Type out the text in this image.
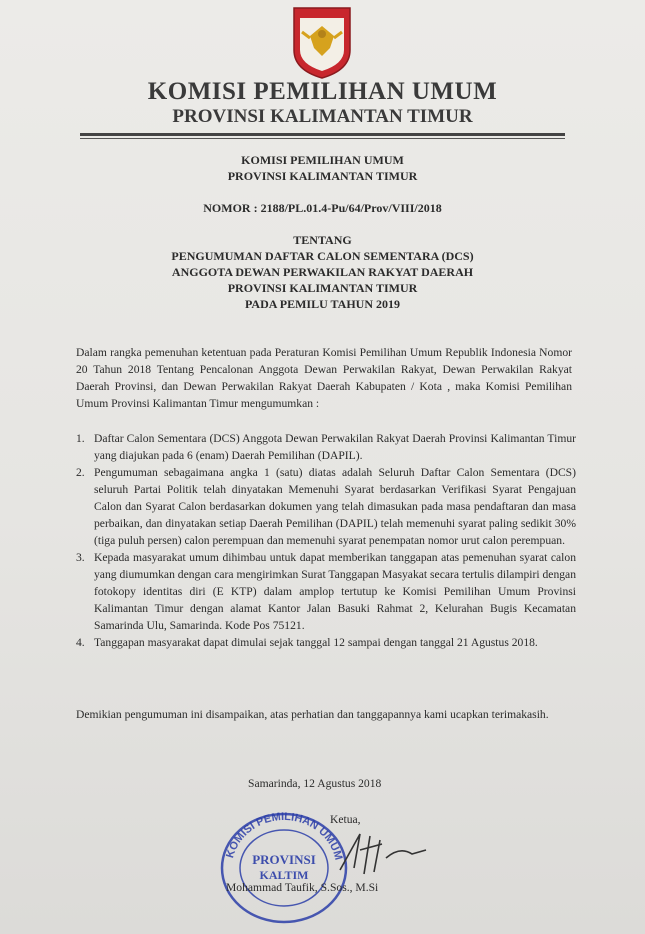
KOMISI PEMILIHAN UMUM
PROVINSI KALIMANTAN TIMUR
KOMISI PEMILIHAN UMUM
PROVINSI KALIMANTAN TIMUR
NOMOR : 2188/PL.01.4-Pu/64/Prov/VIII/2018
TENTANG
PENGUMUMAN DAFTAR CALON SEMENTARA (DCS)
ANGGOTA DEWAN PERWAKILAN RAKYAT DAERAH
PROVINSI KALIMANTAN TIMUR
PADA PEMILU TAHUN 2019
Dalam rangka pemenuhan ketentuan pada Peraturan Komisi Pemilihan Umum Republik Indonesia Nomor 20 Tahun 2018 Tentang Pencalonan Anggota Dewan Perwakilan Rakyat, Dewan Perwakilan Rakyat Daerah Provinsi, dan Dewan Perwakilan Rakyat Daerah Kabupaten / Kota , maka Komisi Pemilihan Umum Provinsi Kalimantan Timur mengumumkan :
1. Daftar Calon Sementara (DCS) Anggota Dewan Perwakilan Rakyat Daerah Provinsi Kalimantan Timur yang diajukan pada 6 (enam) Daerah Pemilihan (DAPIL).
2. Pengumuman sebagaimana angka 1 (satu) diatas adalah Seluruh Daftar Calon Sementara (DCS) seluruh Partai Politik telah dinyatakan Memenuhi Syarat berdasarkan Verifikasi Syarat Pengajuan Calon dan Syarat Calon berdasarkan dokumen yang telah dimasukan pada masa pendaftaran dan masa perbaikan, dan dinyatakan setiap Daerah Pemilihan (DAPIL) telah memenuhi syarat paling sedikit 30% (tiga puluh persen) calon perempuan dan memenuhi syarat penempatan nomor urut calon perempuan.
3. Kepada masyarakat umum dihimbau untuk dapat memberikan tanggapan atas pemenuhan syarat calon yang diumumkan dengan cara mengirimkan Surat Tanggapan Masyakat secara tertulis dilampiri dengan fotokopy identitas diri (E KTP) dalam amplop tertutup ke Komisi Pemilihan Umum Provinsi Kalimantan Timur dengan alamat Kantor Jalan Basuki Rahmat 2, Kelurahan Bugis Kecamatan Samarinda Ulu, Samarinda. Kode Pos 75121.
4. Tanggapan masyarakat dapat dimulai sejak tanggal 12 sampai dengan tanggal 21 Agustus 2018.
Demikian pengumuman ini disampaikan, atas perhatian dan tanggapannya kami ucapkan terimakasih.
Samarinda, 12 Agustus 2018
Ketua,
KOMISI PEMILIHAN UMUM
PROVINSI
KALTIM
Mohammad Taufik, S.Sos., M.Si
